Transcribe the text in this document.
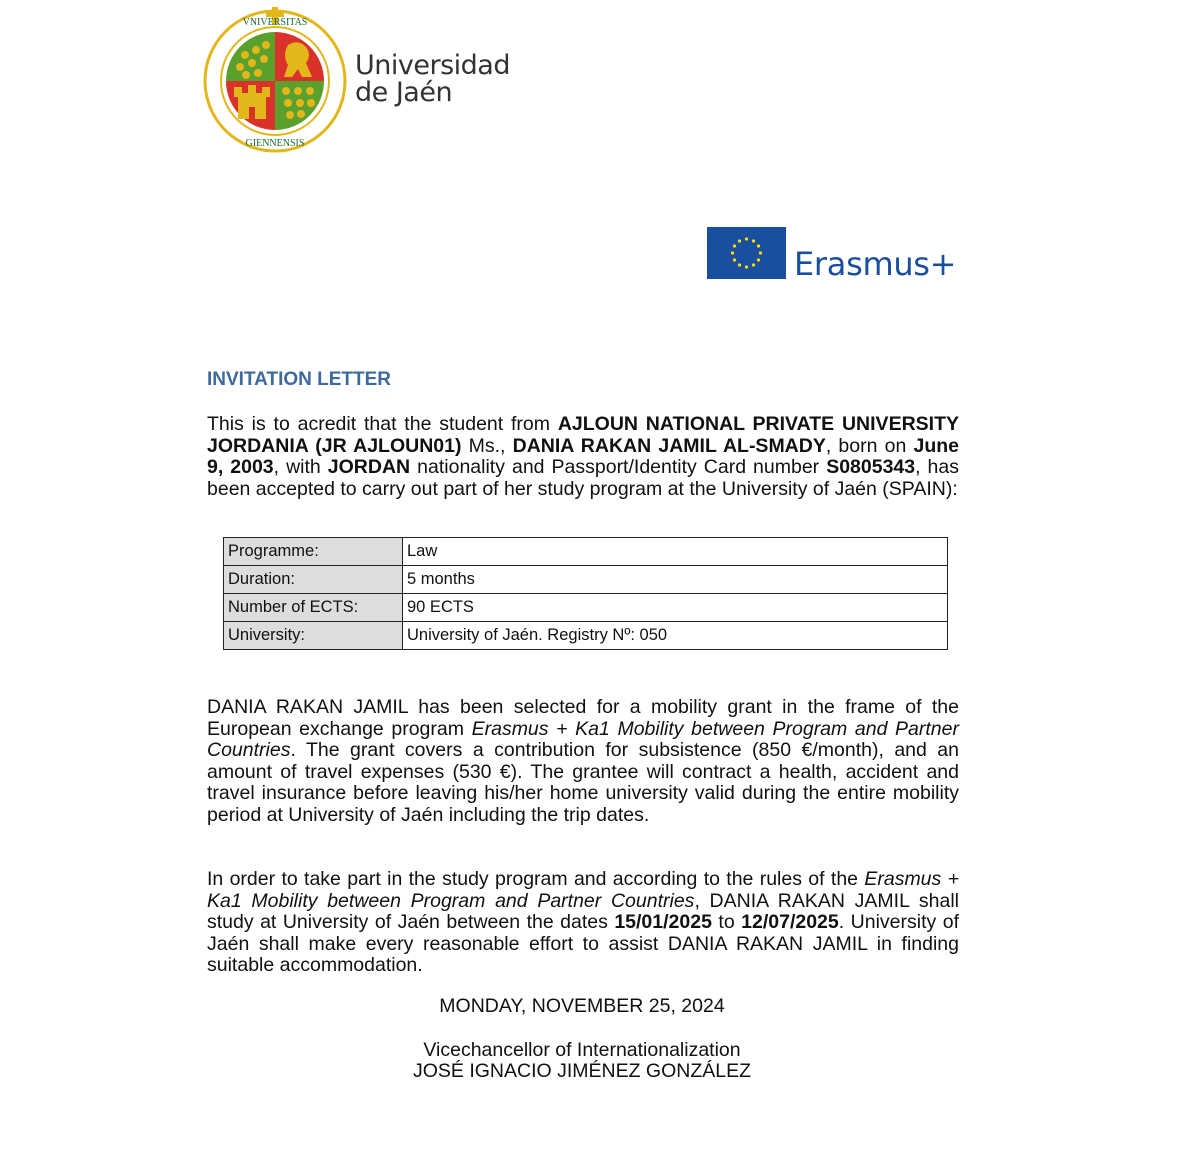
VNIVERSITAS
GIENNENSIS
Universidad
de Jaén
Erasmus+
INVITATION LETTER
This is to acredit that the student from AJLOUN NATIONAL PRIVATE UNIVERSITY JORDANIA (JR AJLOUN01) Ms., DANIA RAKAN JAMIL AL-SMADY, born on June 9, 2003, with JORDAN nationality and Passport/Identity Card number S0805343, has been accepted to carry out part of her study program at the University of Jaén (SPAIN):
Programme:	Law
Duration:	5 months
Number of ECTS:	90 ECTS
University:	University of Jaén. Registry Nº: 050
DANIA RAKAN JAMIL has been selected for a mobility grant in the frame of the European exchange program Erasmus + Ka1 Mobility between Program and Partner Countries. The grant covers a contribution for subsistence (850 €/month), and an amount of travel expenses (530 €). The grantee will contract a health, accident and travel insurance before leaving his/her home university valid during the entire mobility period at University of Jaén including the trip dates.
In order to take part in the study program and according to the rules of the Erasmus + Ka1 Mobility between Program and Partner Countries, DANIA RAKAN JAMIL shall study at University of Jaén between the dates 15/01/2025 to 12/07/2025. University of Jaén shall make every reasonable effort to assist DANIA RAKAN JAMIL in finding suitable accommodation.
MONDAY, NOVEMBER 25, 2024
Vicechancellor of Internationalization
JOSÉ IGNACIO JIMÉNEZ GONZÁLEZ
